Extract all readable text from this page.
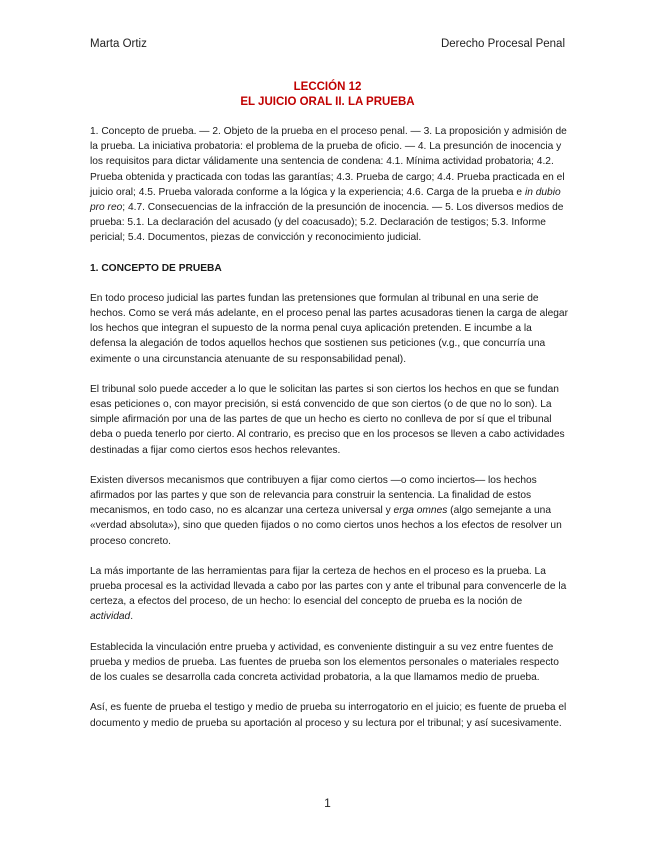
Marta Ortiz	Derecho Procesal Penal
LECCIÓN 12
EL JUICIO ORAL II. LA PRUEBA

1. Concepto de prueba. — 2. Objeto de la prueba en el proceso penal. — 3. La proposición y admisión de la prueba. La iniciativa probatoria: el problema de la prueba de oficio. — 4. La presunción de inocencia y los requisitos para dictar válidamente una sentencia de condena: 4.1. Mínima actividad probatoria; 4.2. Prueba obtenida y practicada con todas las garantías; 4.3. Prueba de cargo; 4.4. Prueba practicada en el juicio oral; 4.5. Prueba valorada conforme a la lógica y la experiencia; 4.6. Carga de la prueba e in dubio pro reo; 4.7. Consecuencias de la infracción de la presunción de inocencia. — 5. Los diversos medios de prueba: 5.1. La declaración del acusado (y del coacusado); 5.2. Declaración de testigos; 5.3. Informe pericial; 5.4. Documentos, piezas de convicción y reconocimiento judicial.

1. CONCEPTO DE PRUEBA

En todo proceso judicial las partes fundan las pretensiones que formulan al tribunal en una serie de hechos. Como se verá más adelante, en el proceso penal las partes acusadoras tienen la carga de alegar los hechos que integran el supuesto de la norma penal cuya aplicación pretenden. E incumbe a la defensa la alegación de todos aquellos hechos que sostienen sus peticiones (v.g., que concurría una eximente o una circunstancia atenuante de su responsabilidad penal).

El tribunal solo puede acceder a lo que le solicitan las partes si son ciertos los hechos en que se fundan esas peticiones o, con mayor precisión, si está convencido de que son ciertos (o de que no lo son). La simple afirmación por una de las partes de que un hecho es cierto no conlleva de por sí que el tribunal deba o pueda tenerlo por cierto. Al contrario, es preciso que en los procesos se lleven a cabo actividades destinadas a fijar como ciertos esos hechos relevantes.

Existen diversos mecanismos que contribuyen a fijar como ciertos —o como inciertos— los hechos afirmados por las partes y que son de relevancia para construir la sentencia. La finalidad de estos mecanismos, en todo caso, no es alcanzar una certeza universal y erga omnes (algo semejante a una «verdad absoluta»), sino que queden fijados o no como ciertos unos hechos a los efectos de resolver un proceso concreto.

La más importante de las herramientas para fijar la certeza de hechos en el proceso es la prueba. La prueba procesal es la actividad llevada a cabo por las partes con y ante el tribunal para convencerle de la certeza, a efectos del proceso, de un hecho: lo esencial del concepto de prueba es la noción de actividad.

Establecida la vinculación entre prueba y actividad, es conveniente distinguir a su vez entre fuentes de prueba y medios de prueba. Las fuentes de prueba son los elementos personales o materiales respecto de los cuales se desarrolla cada concreta actividad probatoria, a la que llamamos medio de prueba.

Así, es fuente de prueba el testigo y medio de prueba su interrogatorio en el juicio; es fuente de prueba el documento y medio de prueba su aportación al proceso y su lectura por el tribunal; y así sucesivamente.

1
